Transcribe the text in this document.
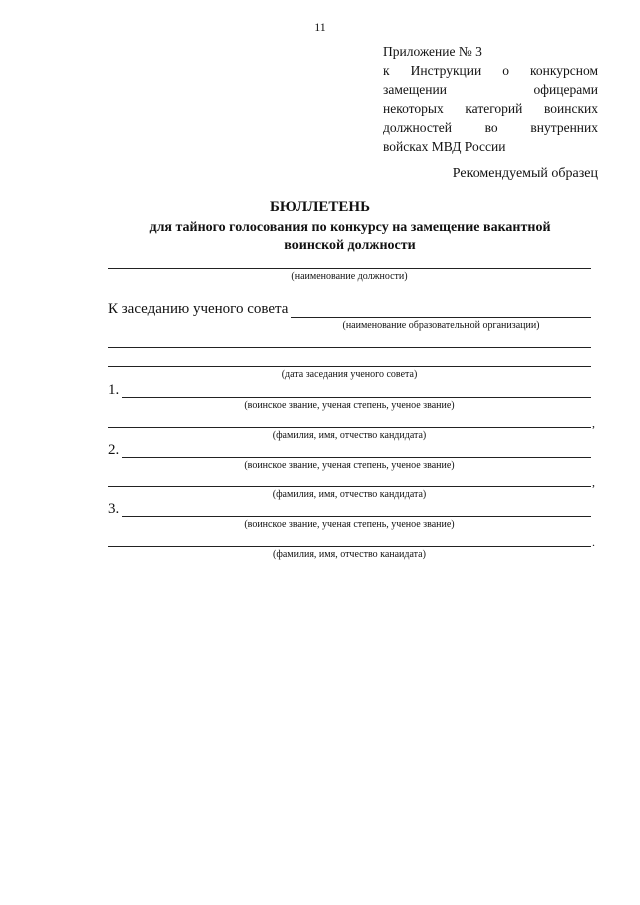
11
Приложение № 3
к Инструкции о конкурсном
замещении офицерами
некоторых категорий воинских
должностей во внутренних
войсках МВД России
Рекомендуемый образец
БЮЛЛЕТЕНЬ
для тайного голосования по конкурсу на замещение вакантной воинской должности
(наименование должности)
К заседанию ученого совета
(наименование образовательной организации)
(дата заседания ученого совета)
1.
(воинское звание, ученая степень, ученое звание)
,
(фамилия, имя, отчество кандидата)
2.
(воинское звание, ученая степень, ученое звание)
,
(фамилия, имя, отчество кандидата)
3.
(воинское звание, ученая степень, ученое звание)
.
(фамилия, имя, отчество канаидата)
